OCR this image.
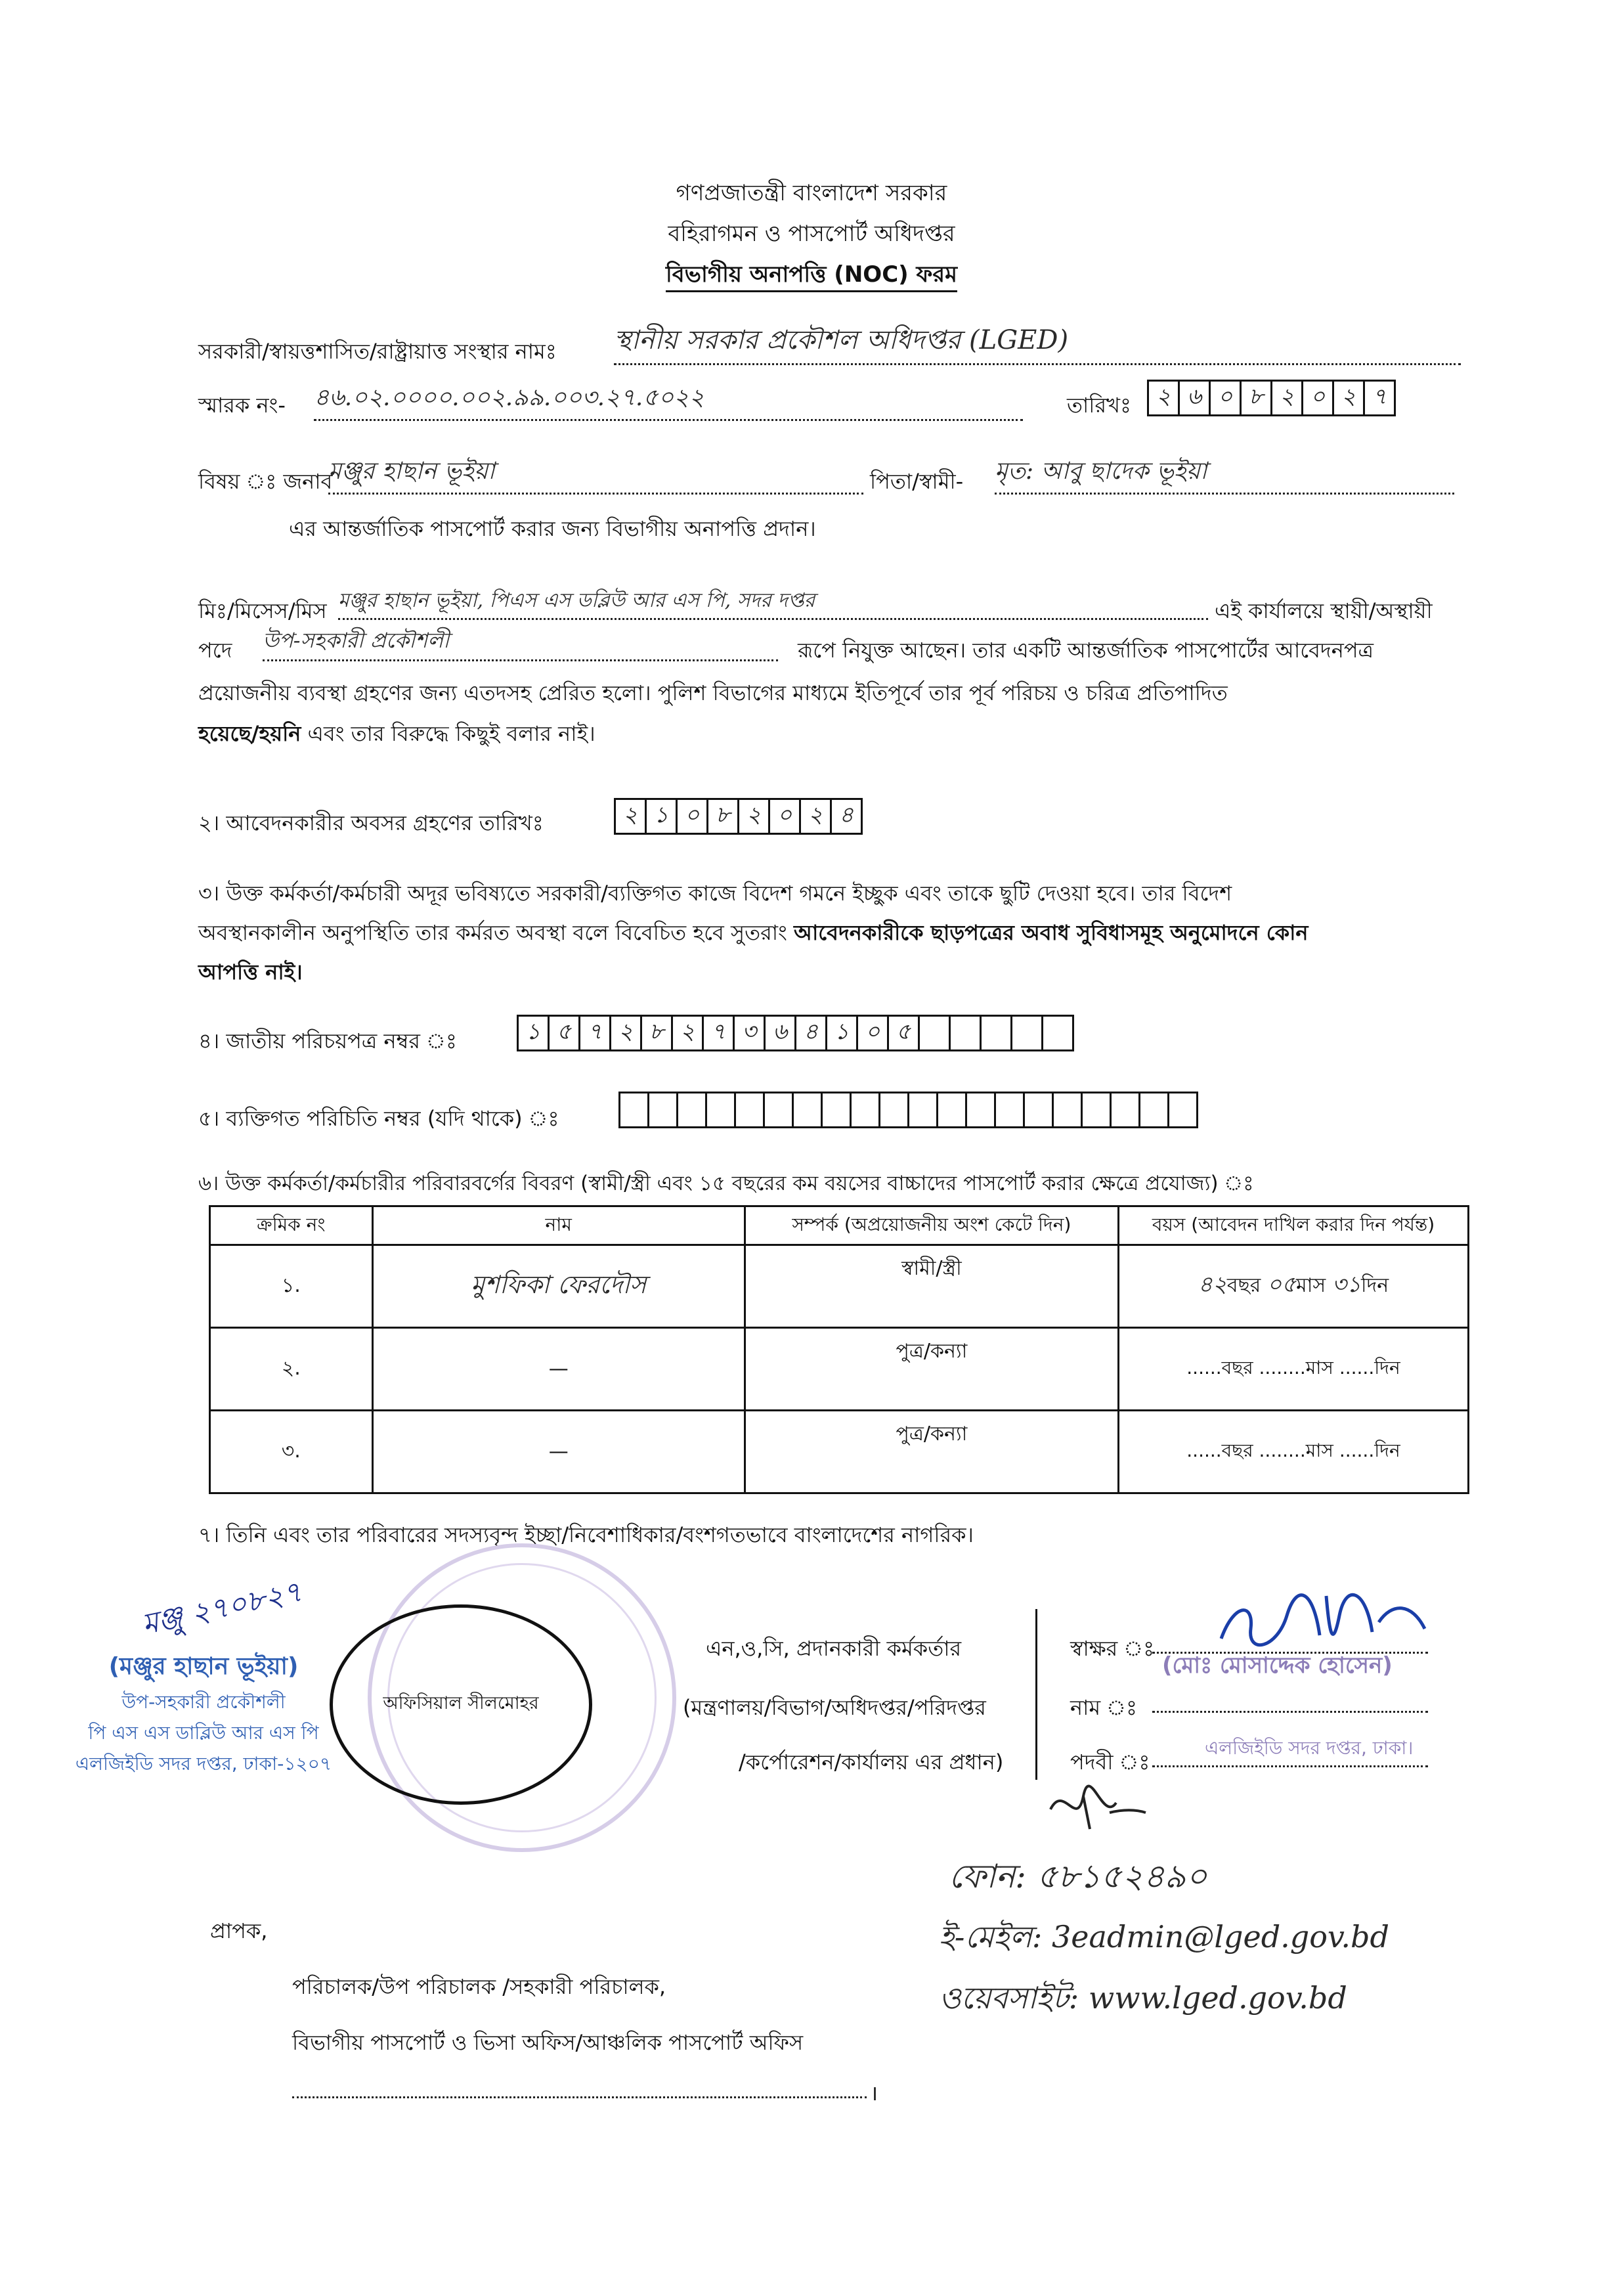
গণপ্রজাতন্ত্রী বাংলাদেশ সরকার
বহিরাগমন ও পাসপোর্ট অধিদপ্তর
বিভাগীয় অনাপত্তি (NOC) ফরম
সরকারী/স্বায়ত্তশাসিত/রাষ্ট্রায়াত্ত সংস্থার নামঃ স্থানীয় সরকার প্রকৌশল অধিদপ্তর (LGED)
স্মারক নং- ৪৬.০২.০০০০.০০২.৯৯.০০৩.২৭.৫০২২	তারিখঃ	২ ৬ ০ ৮ ২ ০ ২ ৭
বিষয় ঃ জনাব
মঞ্জুর হাছান ভূইয়া	পিতা/স্বামী- মৃত: আবু ছাদেক ভূইয়া
এর আন্তর্জাতিক পাসপোর্ট করার জন্য বিভাগীয় অনাপত্তি প্রদান।
মিঃ/মিসেস/মিস মঞ্জুর হাছান ভূইয়া, পিএস এস ডব্লিউ আর এস পি, সদর দপ্তর	এই কার্যালয়ে স্থায়ী/অস্থায়ী
পদে উপ-সহকারী প্রকৌশলী	রূপে নিযুক্ত আছেন। তার একটি আন্তর্জাতিক পাসপোর্টের আবেদনপত্র
প্রয়োজনীয় ব্যবস্থা গ্রহণের জন্য এতদসহ প্রেরিত হলো। পুলিশ বিভাগের মাধ্যমে ইতিপূর্বে তার পূর্ব পরিচয় ও চরিত্র প্রতিপাদিত
হয়েছে/হয়নি এবং তার বিরুদ্ধে কিছুই বলার নাই।
২। আবেদনকারীর অবসর গ্রহণের তারিখঃ	২ ১ ০ ৮ ২ ০ ২ ৪
৩। উক্ত কর্মকর্তা/কর্মচারী অদূর ভবিষ্যতে সরকারী/ব্যক্তিগত কাজে বিদেশ গমনে ইচ্ছুক এবং তাকে ছুটি দেওয়া হবে। তার বিদেশ
অবস্থানকালীন অনুপস্থিতি তার কর্মরত অবস্থা বলে বিবেচিত হবে সুতরাং আবেদনকারীকে ছাড়পত্রের অবাধ সুবিধাসমূহ অনুমোদনে কোন
আপত্তি নাই।
৪। জাতীয় পরিচয়পত্র নম্বর ঃ	১ ৫ ৭ ২ ৮ ২ ৭ ৩ ৬ ৪ ১ ০ ৫
৫। ব্যক্তিগত পরিচিতি নম্বর (যদি থাকে) ঃ
৬। উক্ত কর্মকর্তা/কর্মচারীর পরিবারবর্গের বিবরণ (স্বামী/স্ত্রী এবং ১৫ বছরের কম বয়সের বাচ্চাদের পাসপোর্ট করার ক্ষেত্রে প্রযোজ্য) ঃ
ক্রমিক নং	নাম	সম্পর্ক (অপ্রয়োজনীয় অংশ কেটে দিন)	বয়স (আবেদন দাখিল করার দিন পর্যন্ত)
১.	মুশফিকা ফেরদৌস	স্বামী/স্ত্রী	৪২বছর ০৫মাস ৩১দিন
২.	—	পুত্র/কন্যা	......বছর ........মাস ......দিন
৩.	—	পুত্র/কন্যা	......বছর ........মাস ......দিন
৭। তিনি এবং তার পরিবারের সদস্যবৃন্দ ইচ্ছা/নিবেশাধিকার/বংশগতভাবে বাংলাদেশের নাগরিক।
মঞ্জু ২৭০৮২৭
(মঞ্জুর হাছান ভূইয়া)
উপ-সহকারী প্রকৌশলী
পি এস এস ডাব্লিউ আর এস পি
এলজিইডি সদর দপ্তর, ঢাকা-১২০৭
অফিসিয়াল সীলমোহর
এন,ও,সি, প্রদানকারী কর্মকর্তার
(মন্ত্রণালয়/বিভাগ/অধিদপ্তর/পরিদপ্তর
/কর্পোরেশন/কার্যালয় এর প্রধান)
স্বাক্ষর ঃ
নাম ঃ
পদবী ঃ
(মোঃ মোসাদ্দেক হোসেন)
এলজিইডি সদর দপ্তর, ঢাকা।
ফোন: ৫৮১৫২৪৯০
ই-মেইল: 3eadmin@lged.gov.bd
ওয়েবসাইট: www.lged.gov.bd
প্রাপক,
পরিচালক/উপ পরিচালক /সহকারী পরিচালক,
বিভাগীয় পাসপোর্ট ও ভিসা অফিস/আঞ্চলিক পাসপোর্ট অফিস
।
